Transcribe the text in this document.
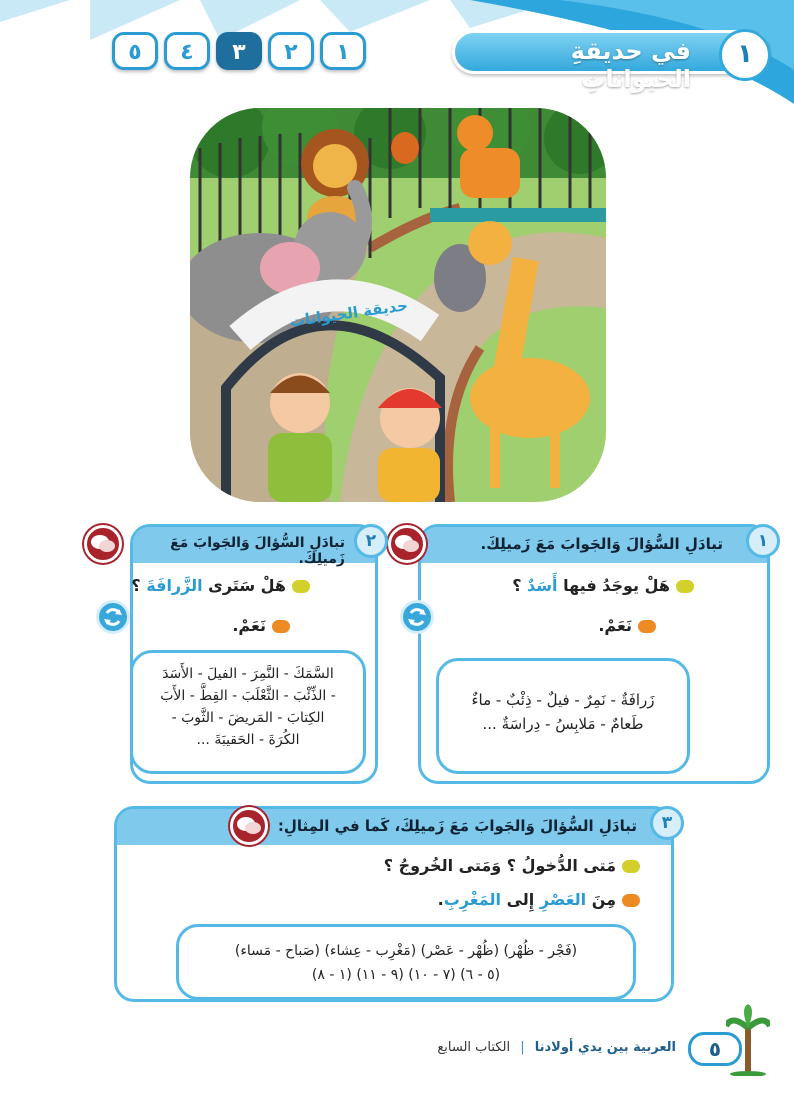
٥	٤	٣	٢	١	في حديقةِ الحيواناتِ
١
حديقة الحيوانات
تبادَلِ السُّؤالَ وَالجَوابَ مَعَ زَميلِكَ.	١
هَلْ يوجَدُ فيها أَسَدٌ ؟
نَعَمْ.
زَرافَةٌ - نَمِرٌ - فيلٌ - ذِئْبٌ - ماءٌ
طَعامٌ - مَلابِسُ - دِراسَةٌ ...
تبادَلِ السُّؤالَ وَالجَوابَ مَعَ زَميلِكَ.
٢
هَلْ سَتَرى الزَّرافَةَ ؟
نَعَمْ.
السَّمَكَ - النَّمِرَ - الفيلَ - الأَسَدَ
- الذِّئْبَ - الثَّعْلَبَ - القِطَّ - الأَبَ
الكِتابَ - المَريضَ - الثَّوبَ -
الكُرَةَ - الحَقيبَةَ ...
تبادَلِ السُّؤالَ وَالجَوابَ مَعَ زَميلِكَ، كَما في المِثالِ:	٣
مَتى الدُّخولُ ؟ وَمَتى الخُروجُ ؟
مِنَ العَصْرِ إِلى المَغْرِبِ.
(فَجْر - ظُهْر) (ظُهْر - عَصْر) (مَغْرِب - عِشاء) (صَباح - مَساء)
(٥ - ٦) (٧ - ١٠) (٩ - ١١) (١ - ٨)
٥
العربية بين يدي أولادنا | الكتاب السابع
